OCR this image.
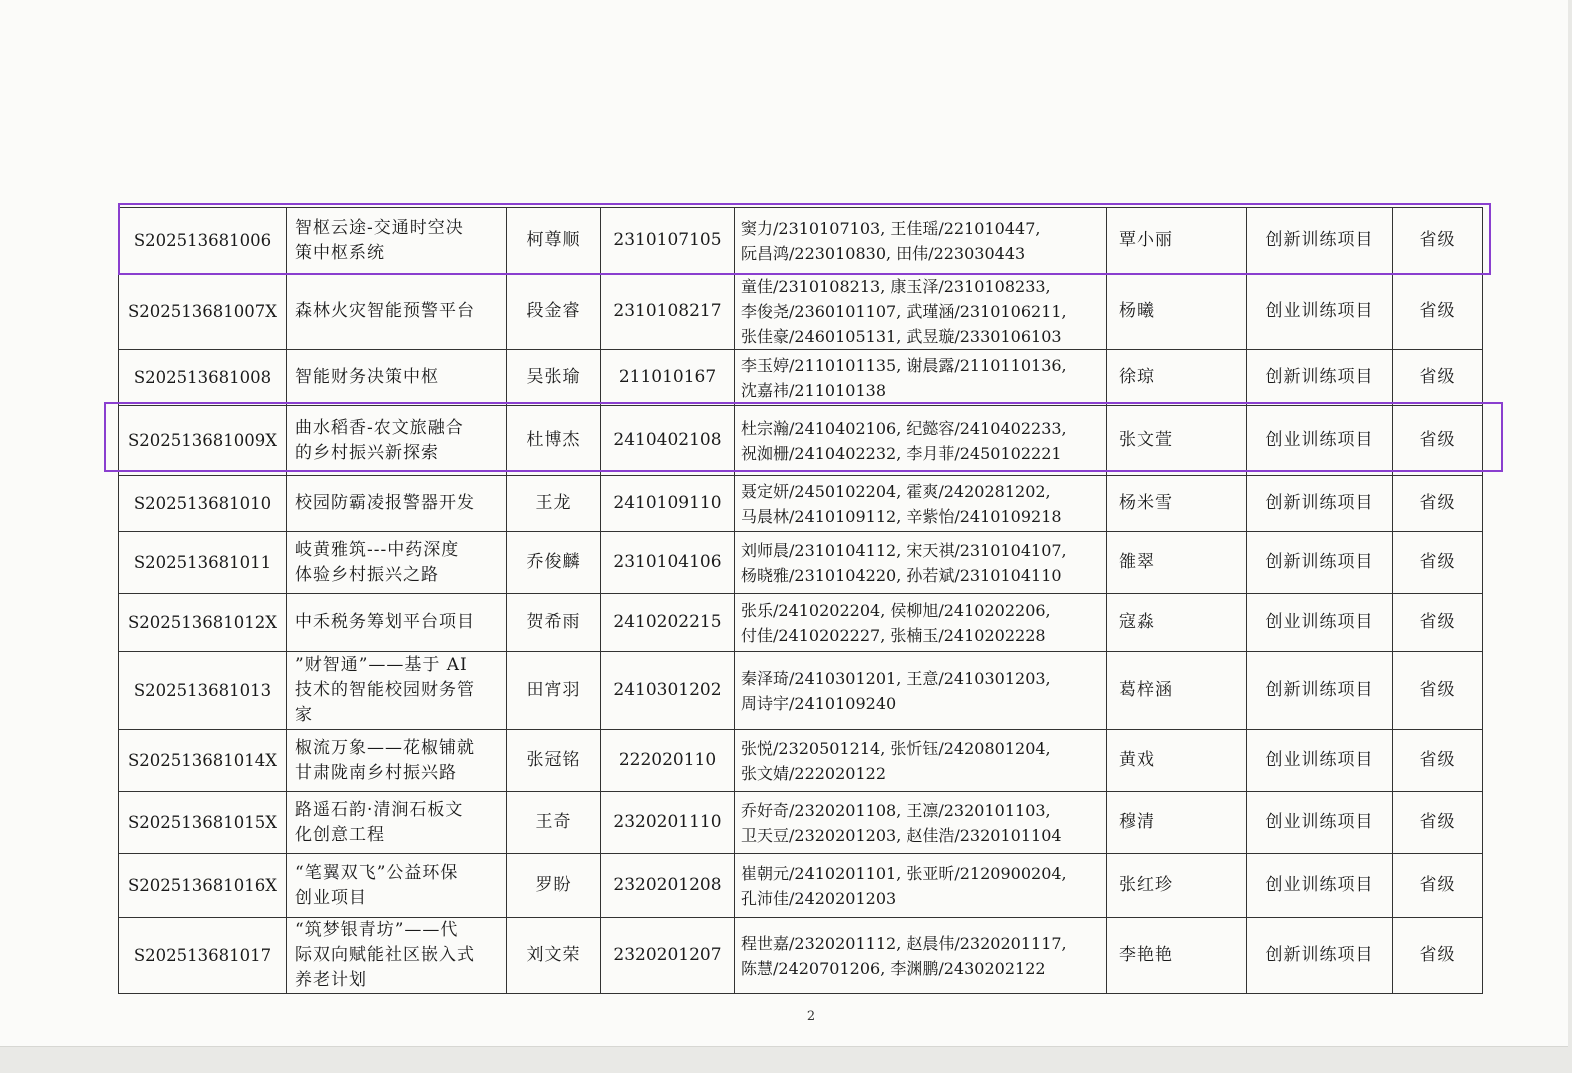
S202513681006	智枢云途-交通时空决
策中枢系统	柯尊顺	2310107105	窦力/2310107103, 王佳瑶/221010447,
阮昌鸿/223010830, 田伟/223030443	覃小丽	创新训练项目	省级
S202513681007X	森林火灾智能预警平台	段金睿	2310108217	童佳/2310108213, 康玉泽/2310108233,
李俊尧/2360101107, 武瑾涵/2310106211,
张佳豪/2460105131, 武昱璇/2330106103	杨曦	创业训练项目	省级
S202513681008	智能财务决策中枢	吴张瑜	211010167	李玉婷/2110101135, 谢晨露/2110110136,
沈嘉祎/211010138	徐琼	创新训练项目	省级
S202513681009X	曲水稻香-农文旅融合
的乡村振兴新探索	杜博杰	2410402108	杜宗瀚/2410402106, 纪懿容/2410402233,
祝洳栅/2410402232, 李月菲/2450102221	张文萱	创业训练项目	省级
S202513681010	校园防霸凌报警器开发	王龙	2410109110	聂定妍/2450102204, 霍爽/2420281202,
马晨林/2410109112, 辛紫怡/2410109218	杨米雪	创新训练项目	省级
S202513681011	岐黄雅筑---中药深度
体验乡村振兴之路	乔俊麟	2310104106	刘师晨/2310104112, 宋天祺/2310104107,
杨晓雅/2310104220, 孙若斌/2310104110	雒翠	创新训练项目	省级
S202513681012X	中禾税务筹划平台项目	贺希雨	2410202215	张乐/2410202204, 侯柳旭/2410202206,
付佳/2410202227, 张楠玉/2410202228	寇淼	创业训练项目	省级
S202513681013	”财智通”——基于 AI
技术的智能校园财务管
家	田宵羽	2410301202	秦泽琦/2410301201, 王意/2410301203,
周诗宇/2410109240	葛梓涵	创新训练项目	省级
S202513681014X	椒流万象——花椒铺就
甘肃陇南乡村振兴路	张冠铭	222020110	张悦/2320501214, 张忻钰/2420801204,
张文婧/222020122	黄戏	创业训练项目	省级
S202513681015X	路遥石韵·清涧石板文
化创意工程	王奇	2320201110	乔好奇/2320201108, 王凛/2320101103,
卫天豆/2320201203, 赵佳浩/2320101104	穆清	创业训练项目	省级
S202513681016X	“笔翼双飞”公益环保
创业项目	罗盼	2320201208	崔朝元/2410201101, 张亚昕/2120900204,
孔沛佳/2420201203	张红珍	创业训练项目	省级
S202513681017	“筑梦银青坊”——代
际双向赋能社区嵌入式
养老计划	刘文荣	2320201207	程世嘉/2320201112, 赵晨伟/2320201117,
陈慧/2420701206, 李渊鹏/2430202122	李艳艳	创新训练项目	省级
2
